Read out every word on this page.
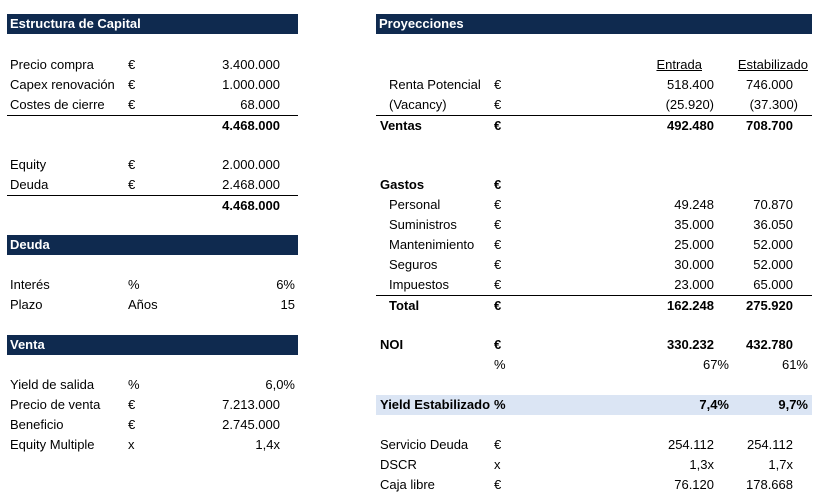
Estructura de Capital
Precio compra	€	3.400.000
Capex renovación €	1.000.000
Costes de cierre €	68.000
4.468.000
Equity	€	2.000.000
Deuda	€	2.468.000
4.468.000
Deuda
Interés	%	6%
Plazo	Años	15
Venta
Yield de salida	%	6,0%
Precio de venta €	7.213.000
Beneficio	€	2.745.000
Equity Multiple	x	1,4x
Proyecciones
Entrada	Estabilizado
Renta Potencial €	518.400	746.000
(Vacancy)	€	(25.920)	(37.300)
Ventas	€	492.480	708.700
Gastos	€
Personal	€	49.248	70.870
Suministros	€	35.000	36.050
Mantenimiento €	25.000	52.000
Seguros	€	30.000	52.000
Impuestos	€	23.000	65.000
Total	€	162.248	275.920
NOI	€	330.232	432.780
%	67%	61%
Yield Estabilizado %	7,4%	9,7%
Servicio Deuda €	254.112	254.112
DSCR	x	1,3x	1,7x
Caja libre	€	76.120	178.668
